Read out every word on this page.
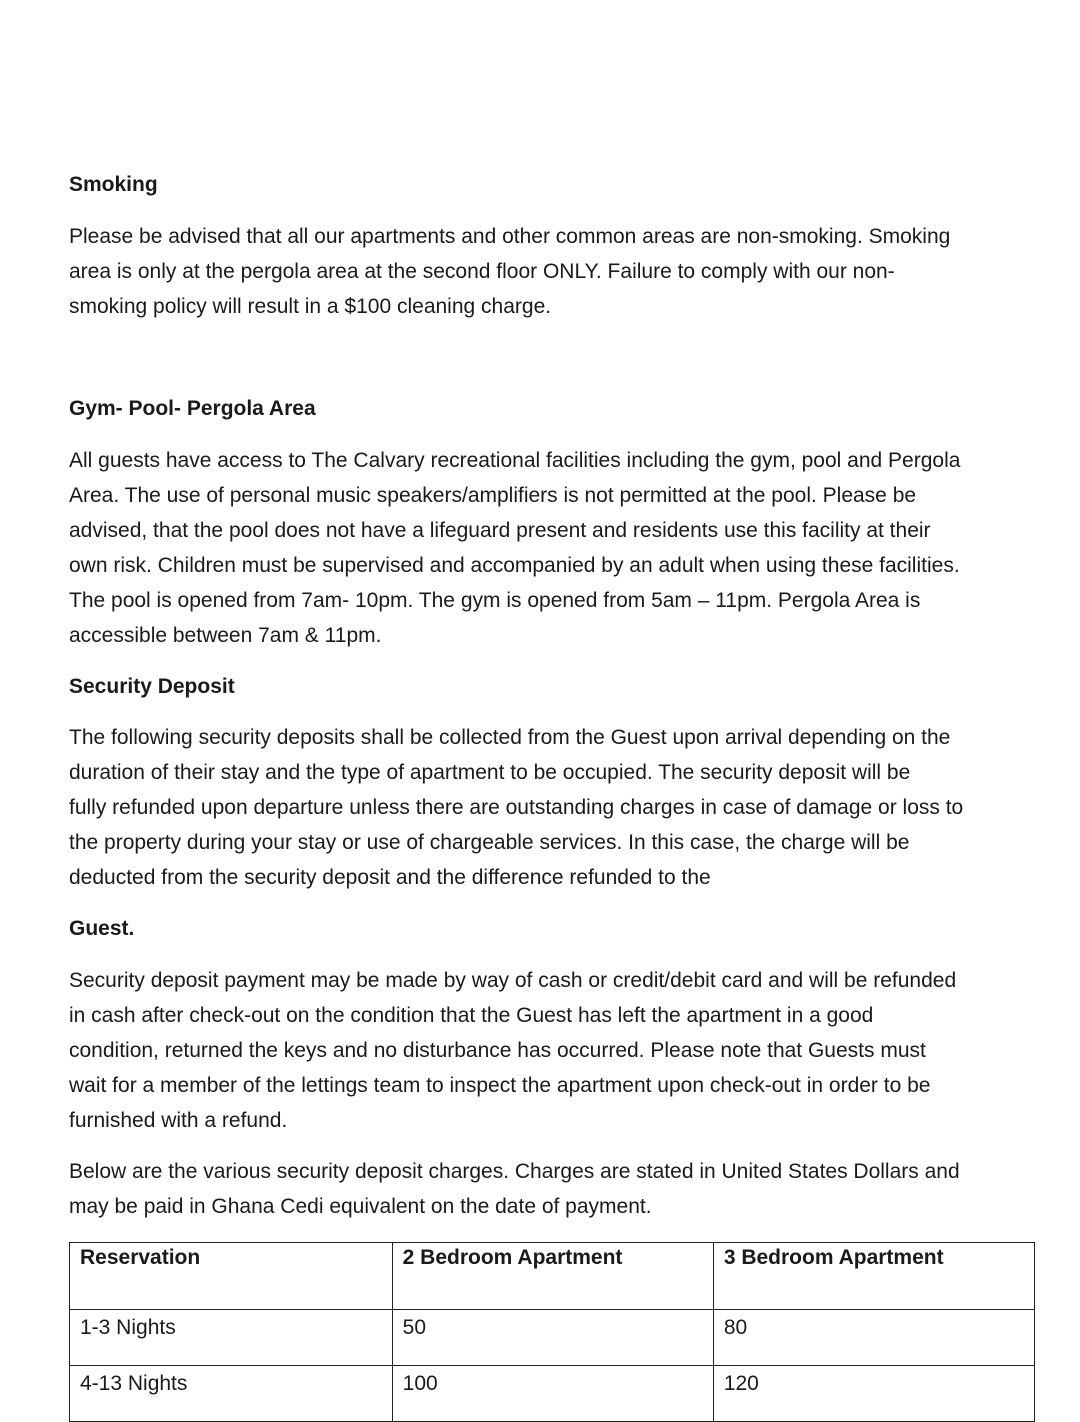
Smoking
Please be advised that all our apartments and other common areas are non-smoking. Smoking
area is only at the pergola area at the second floor ONLY. Failure to comply with our non-
smoking policy will result in a $100 cleaning charge.
Gym- Pool- Pergola Area
All guests have access to The Calvary recreational facilities including the gym, pool and Pergola
Area. The use of personal music speakers/amplifiers is not permitted at the pool. Please be
advised, that the pool does not have a lifeguard present and residents use this facility at their
own risk. Children must be supervised and accompanied by an adult when using these facilities.
The pool is opened from 7am- 10pm. The gym is opened from 5am – 11pm. Pergola Area is
accessible between 7am & 11pm.
Security Deposit
The following security deposits shall be collected from the Guest upon arrival depending on the
duration of their stay and the type of apartment to be occupied. The security deposit will be
fully refunded upon departure unless there are outstanding charges in case of damage or loss to
the property during your stay or use of chargeable services. In this case, the charge will be
deducted from the security deposit and the difference refunded to the
Guest.
Security deposit payment may be made by way of cash or credit/debit card and will be refunded
in cash after check-out on the condition that the Guest has left the apartment in a good
condition, returned the keys and no disturbance has occurred. Please note that Guests must
wait for a member of the lettings team to inspect the apartment upon check-out in order to be
furnished with a refund.
Below are the various security deposit charges. Charges are stated in United States Dollars and
may be paid in Ghana Cedi equivalent on the date of payment.
Reservation	2 Bedroom Apartment	3 Bedroom Apartment
1-3 Nights	50	80
4-13 Nights	100	120
